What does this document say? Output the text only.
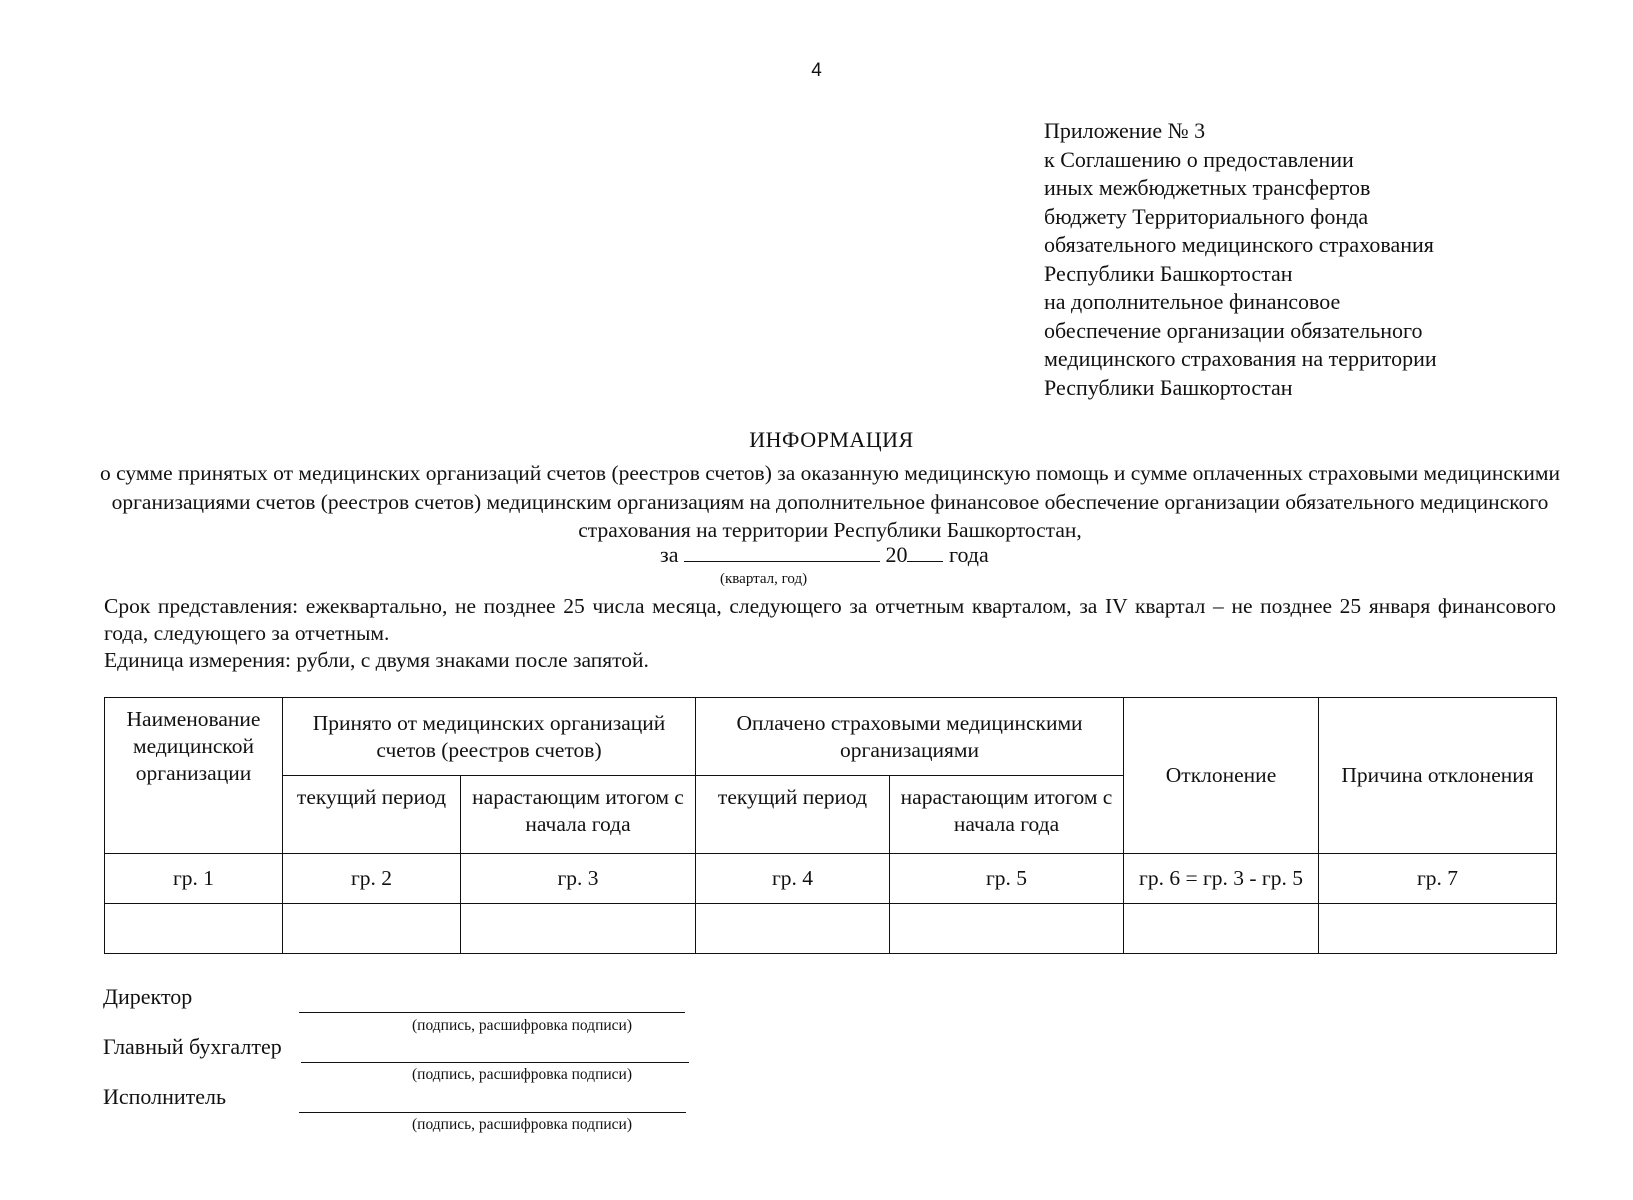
4
Приложение № 3
к Соглашению о предоставлении
иных межбюджетных трансфертов
бюджету Территориального фонда
обязательного медицинского страхования
Республики Башкортостан
на дополнительное финансовое
обеспечение организации обязательного
медицинского страхования на территории
Республики Башкортостан
ИНФОРМАЦИЯ
о сумме принятых от медицинских организаций счетов (реестров счетов) за оказанную медицинскую помощь и сумме оплаченных страховыми медицинскими организациями счетов (реестров счетов) медицинским организациям на дополнительное финансовое обеспечение организации обязательного медицинского страхования на территории Республики Башкортостан,
за	20 года
(квартал, год)
Срок представления: ежеквартально, не позднее 25 числа месяца, следующего за отчетным кварталом, за IV квартал – не позднее 25 января финансового года, следующего за отчетным.
Единица измерения: рубли, с двумя знаками после запятой.
Наименование медицинской организации	Принято от медицинских организаций счетов (реестров счетов)		Оплачено страховыми медицинскими организациями		Отклонение	Причина отклонения
	текущий период	нарастающим итогом с начала года	текущий период	нарастающим итогом с начала года		
гр. 1	гр. 2	гр. 3	гр. 4	гр. 5	гр. 6 = гр. 3 - гр. 5	гр. 7

Директор
(подпись, расшифровка подписи)
Главный бухгалтер
(подпись, расшифровка подписи)
Исполнитель
(подпись, расшифровка подписи)
